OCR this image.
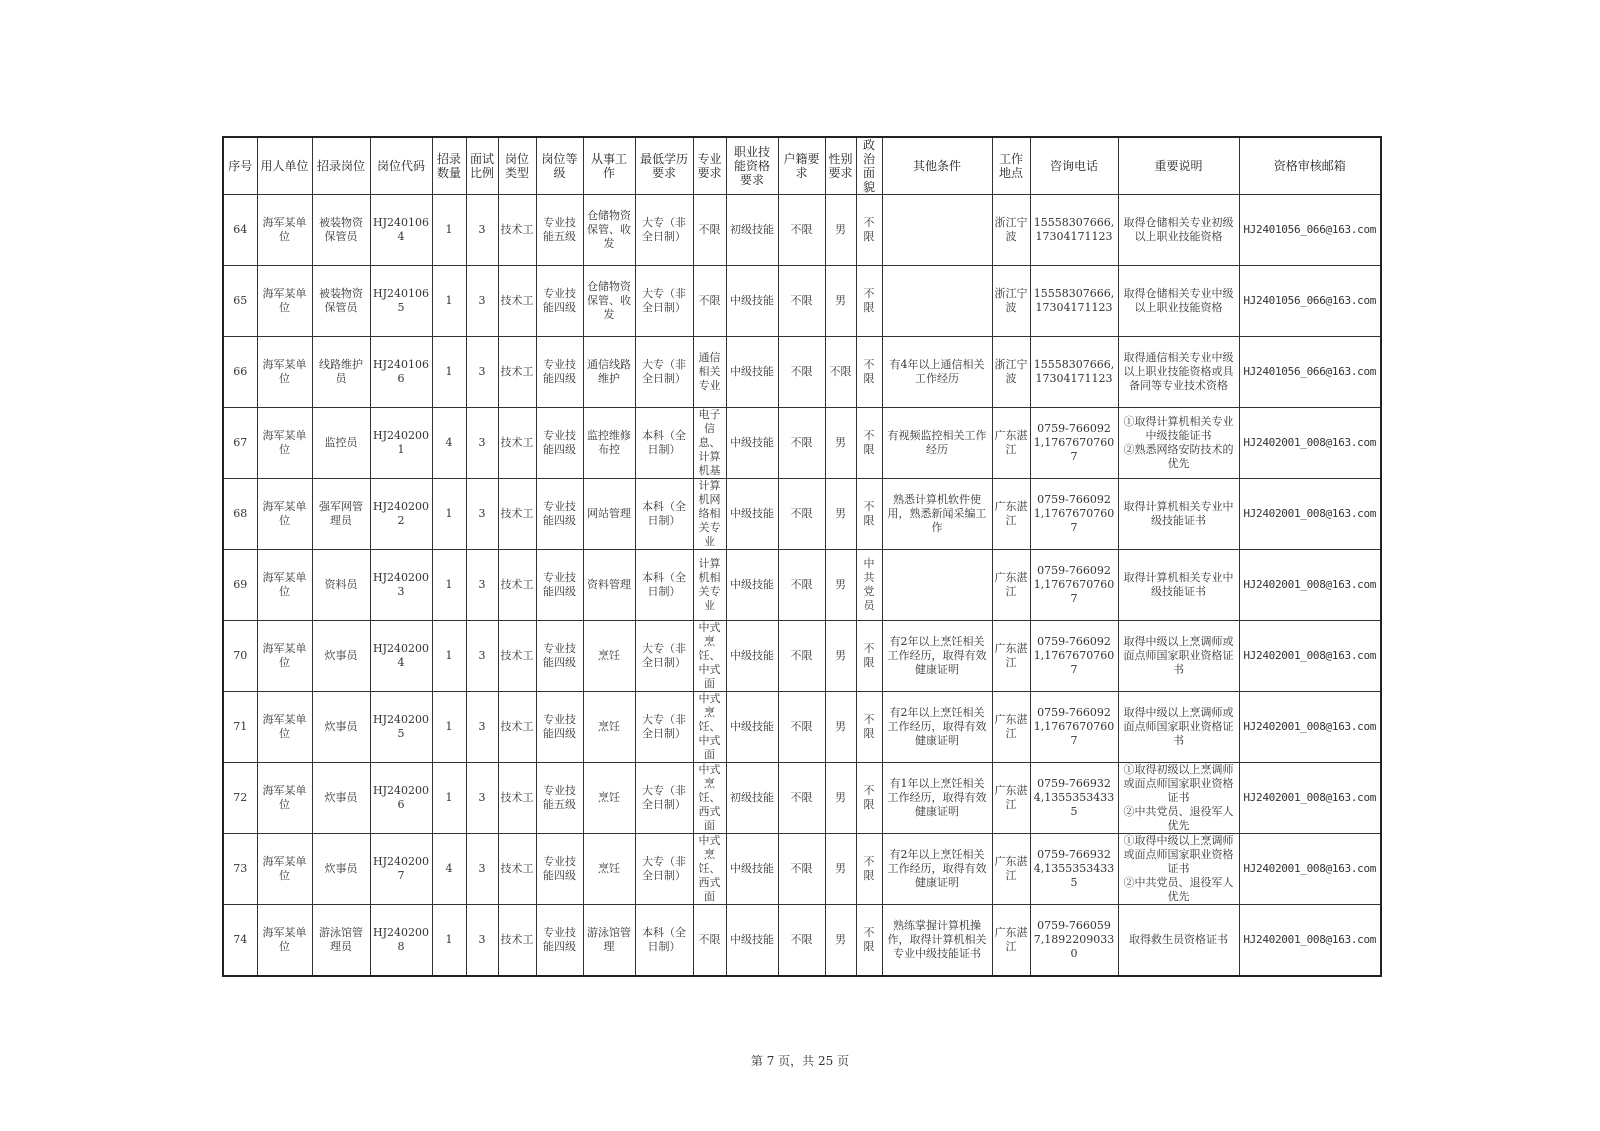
序号	用人单位	招录岗位	岗位代码	招录数量	面试比例	岗位类型	岗位等级	从事工作	最低学历要求	专业要求	职业技能资格要求	户籍要求	性别要求	政治面貌	其他条件	工作地点	咨询电话	重要说明	资格审核邮箱

64	海军某单位	被装物资保管员	HJ2401064	1	3	技术工	专业技能五级	仓储物资保管、收发	大专（非全日制）	不限	初级技能	不限	男	不限		浙江宁波	15558307666,17304171123	取得仓储相关专业初级以上职业技能资格	HJ2401056_066@163.com

65	海军某单位	被装物资保管员	HJ2401065	1	3	技术工	专业技能四级	仓储物资保管、收发	大专（非全日制）	不限	中级技能	不限	男	不限		浙江宁波	15558307666,17304171123	取得仓储相关专业中级以上职业技能资格	HJ2401056_066@163.com

66	海军某单位	线路维护员	HJ2401066	1	3	技术工	专业技能四级	通信线路维护	大专（非全日制）	通信相关专业	中级技能	不限	不限	不限	有4年以上通信相关工作经历	浙江宁波	15558307666,17304171123	取得通信相关专业中级以上职业技能资格或具备同等专业技术资格	HJ2401056_066@163.com

67	海军某单位	监控员	HJ2402001	4	3	技术工	专业技能四级	监控维修布控	本科（全日制）	电子信息、计算机基	中级技能	不限	男	不限	有视频监控相关工作经历	广东湛江	0759-7660921,17676707607	①取得计算机相关专业中级技能证书
②熟悉网络安防技术的优先	HJ2402001_008@163.com

68	海军某单位	强军网管理员	HJ2402002	1	3	技术工	专业技能四级	网站管理	本科（全日制）	计算机网络相关专业	中级技能	不限	男	不限	熟悉计算机软件使用，熟悉新闻采编工作	广东湛江	0759-7660921,17676707607	取得计算机相关专业中级技能证书	HJ2402001_008@163.com

69	海军某单位	资料员	HJ2402003	1	3	技术工	专业技能四级	资料管理	本科（全日制）	计算机相关专业	中级技能	不限	男	中共党员		广东湛江	0759-7660921,17676707607	取得计算机相关专业中级技能证书	HJ2402001_008@163.com

70	海军某单位	炊事员	HJ2402004	1	3	技术工	专业技能四级	烹饪	大专（非全日制）	中式烹饪、中式面	中级技能	不限	男	不限	有2年以上烹饪相关工作经历，取得有效健康证明	广东湛江	0759-7660921,17676707607	取得中级以上烹调师或面点师国家职业资格证书	HJ2402001_008@163.com

71	海军某单位	炊事员	HJ2402005	1	3	技术工	专业技能四级	烹饪	大专（非全日制）	中式烹饪、中式面	中级技能	不限	男	不限	有2年以上烹饪相关工作经历，取得有效健康证明	广东湛江	0759-7660921,17676707607	取得中级以上烹调师或面点师国家职业资格证书	HJ2402001_008@163.com

72	海军某单位	炊事员	HJ2402006	1	3	技术工	专业技能五级	烹饪	大专（非全日制）	中式烹饪、西式面	初级技能	不限	男	不限	有1年以上烹饪相关工作经历，取得有效健康证明	广东湛江	0759-7669324,13553534335	①取得初级以上烹调师或面点师国家职业资格证书
②中共党员、退役军人优先	HJ2402001_008@163.com

73	海军某单位	炊事员	HJ2402007	4	3	技术工	专业技能四级	烹饪	大专（非全日制）	中式烹饪、西式面	中级技能	不限	男	不限	有2年以上烹饪相关工作经历，取得有效健康证明	广东湛江	0759-7669324,13553534335	①取得中级以上烹调师或面点师国家职业资格证书
②中共党员、退役军人优先	HJ2402001_008@163.com

74	海军某单位	游泳馆管理员	HJ2402008	1	3	技术工	专业技能四级	游泳馆管理	本科（全日制）	不限	中级技能	不限	男	不限	熟练掌握计算机操作，取得计算机相关专业中级技能证书	广东湛江	0759-7660597,18922090330	取得救生员资格证书	HJ2402001_008@163.com
第 7 页，共 25 页
